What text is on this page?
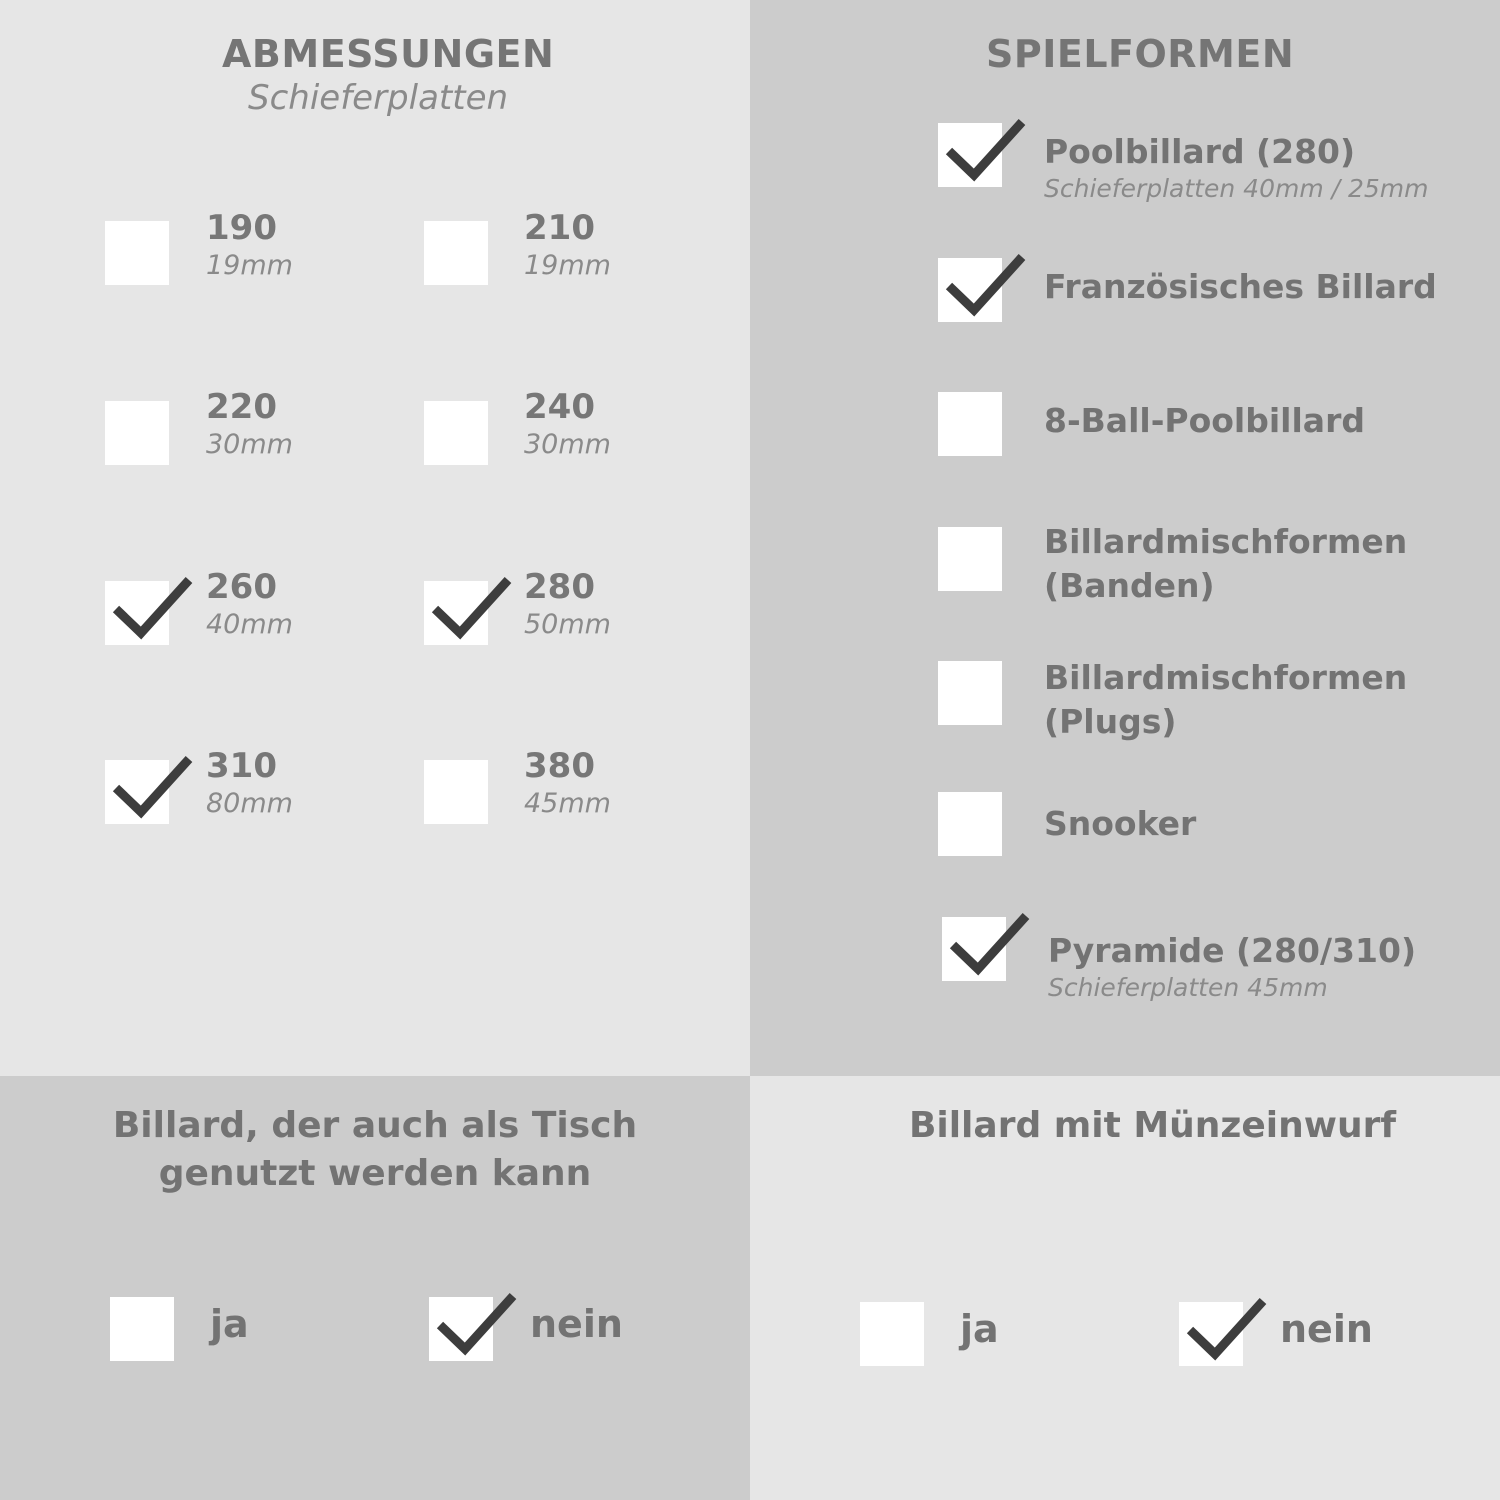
ABMESSUNGEN
Schieferplatten
190
19mm
210
19mm
220
30mm
240
30mm
260
40mm
280
50mm
310
80mm
380
45mm
SPIELFORMEN
Poolbillard (280)
Schieferplatten 40mm / 25mm
Französisches Billard
8-Ball-Poolbillard
Billardmischformen
(Banden)
Billardmischformen
(Plugs)
Snooker
Pyramide (280/310)
Schieferplatten 45mm
Billard, der auch als Tisch
genutzt werden kann
ja	nein
Billard mit Münzeinwurf
ja	nein
